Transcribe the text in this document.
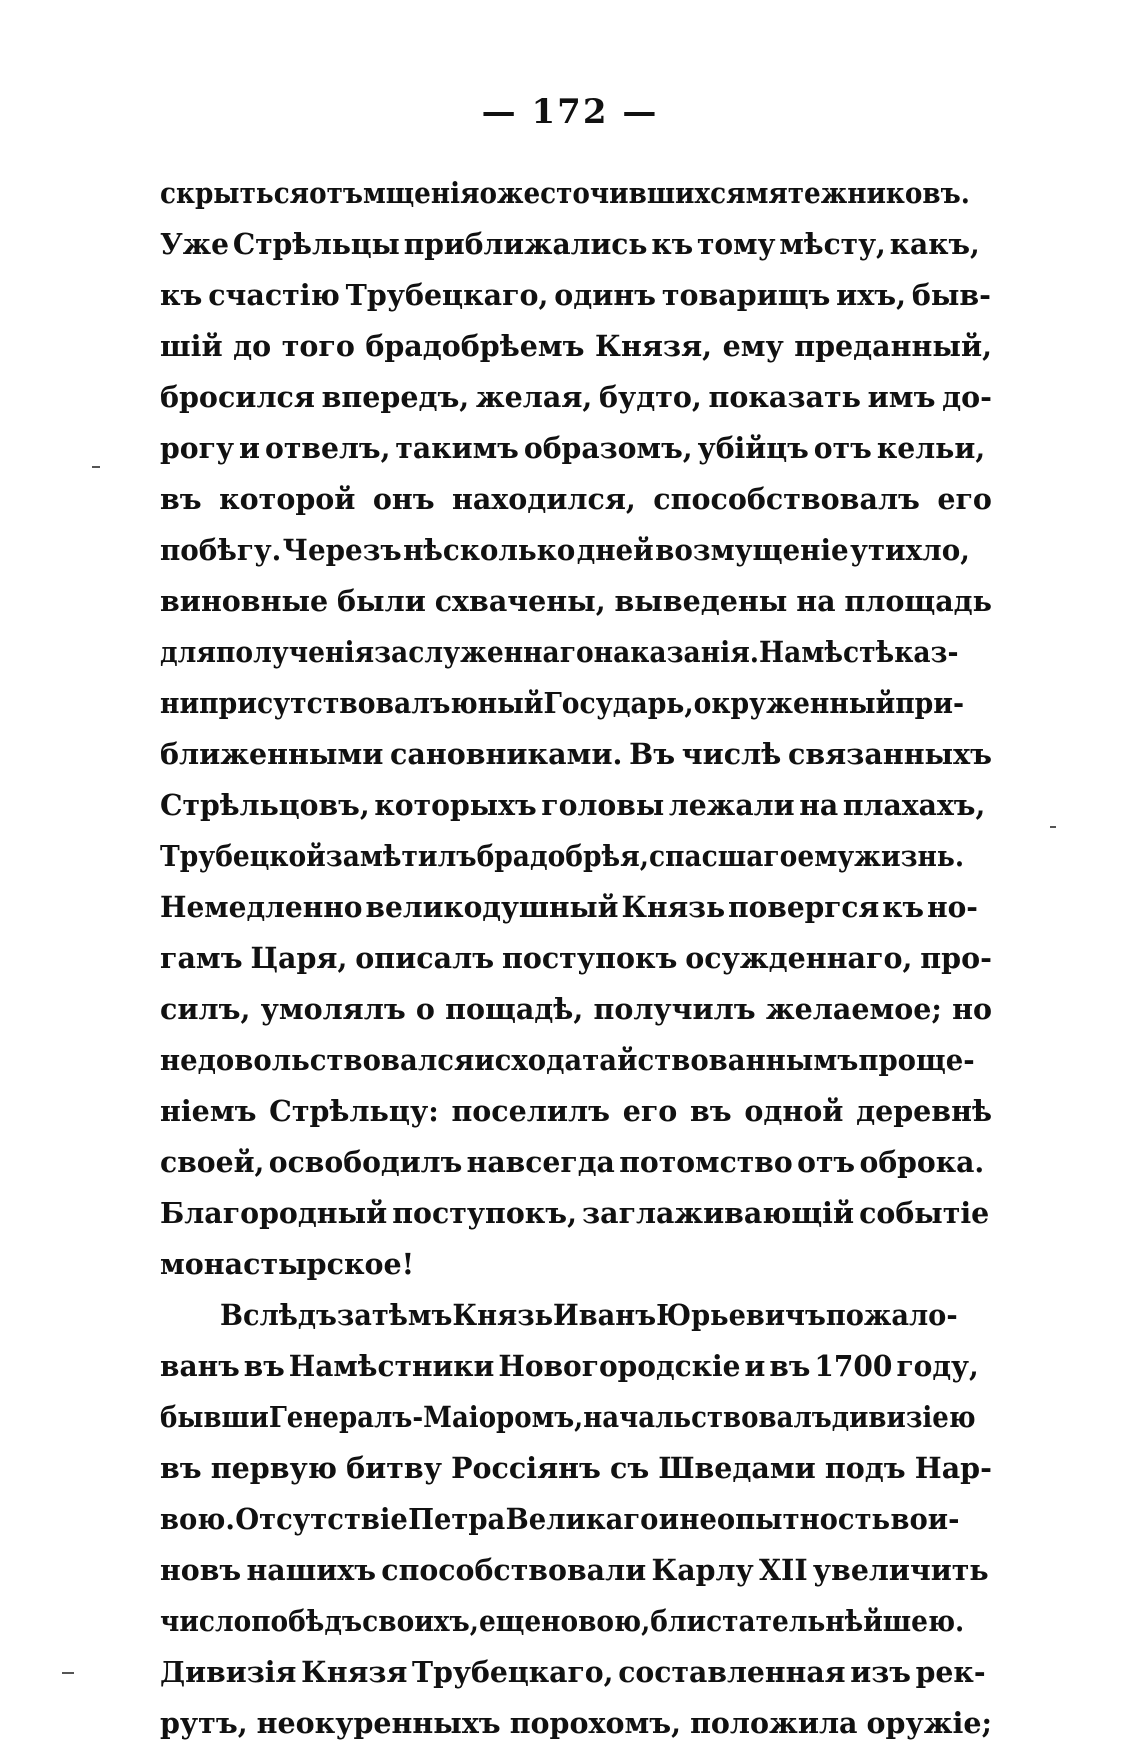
— 172 —
скрыться отъ мщенія ожесточившихся мятежниковъ.
Уже Стрѣльцы приближались къ тому мѣсту, какъ,
къ счастію Трубецкаго, одинъ товарищъ ихъ, быв-
шій до того брадобрѣемъ Князя, ему преданный,
бросился впередъ, желая, будто, показать имъ до-
рогу и отвелъ, такимъ образомъ, убійцъ отъ кельи,
въ которой онъ находился, способствовалъ его
побѣгу. Черезъ нѣсколько дней возмущеніе утихло,
виновные были схвачены, выведены на площадь
для полученія заслуженнаго наказанія. На мѣстѣ каз-
ни присутствовалъ юный Государь, окруженный при-
ближенными сановниками. Въ числѣ связанныхъ
Стрѣльцовъ, которыхъ головы лежали на плахахъ,
Трубецкой замѣтилъ брадобрѣя, спасшаго ему жизнь.
Немедленно великодушный Князь повергся къ но-
гамъ Царя, описалъ поступокъ осужденнаго, про-
силъ, умолялъ о пощадѣ, получилъ желаемое; но
не довольствовался исходатайствованнымъ проще-
ніемъ Стрѣльцу: поселилъ его въ одной деревнѣ
своей, освободилъ навсегда потомство отъ оброка.
Благородный поступокъ, заглаживающій событіе
монастырское!
Вслѣдъ за тѣмъ Князь Иванъ Юрьевичъ пожало-
ванъ въ Намѣстники Новогородскіе и въ 1700 году,
бывши Генералъ-Маіоромъ, начальствовалъ дивизіею
въ первую битву Россіянъ съ Шведами подъ Нар-
вою. Отсутствіе Петра Великаго и неопытность вои-
новъ нашихъ способствовали Карлу XII увеличить
число побѣдъ своихъ, еще новою, блистательнѣйшею.
Дивизія Князя Трубецкаго, составленная изъ рек-
рутъ, неокуренныхъ порохомъ, положила оружіе;
